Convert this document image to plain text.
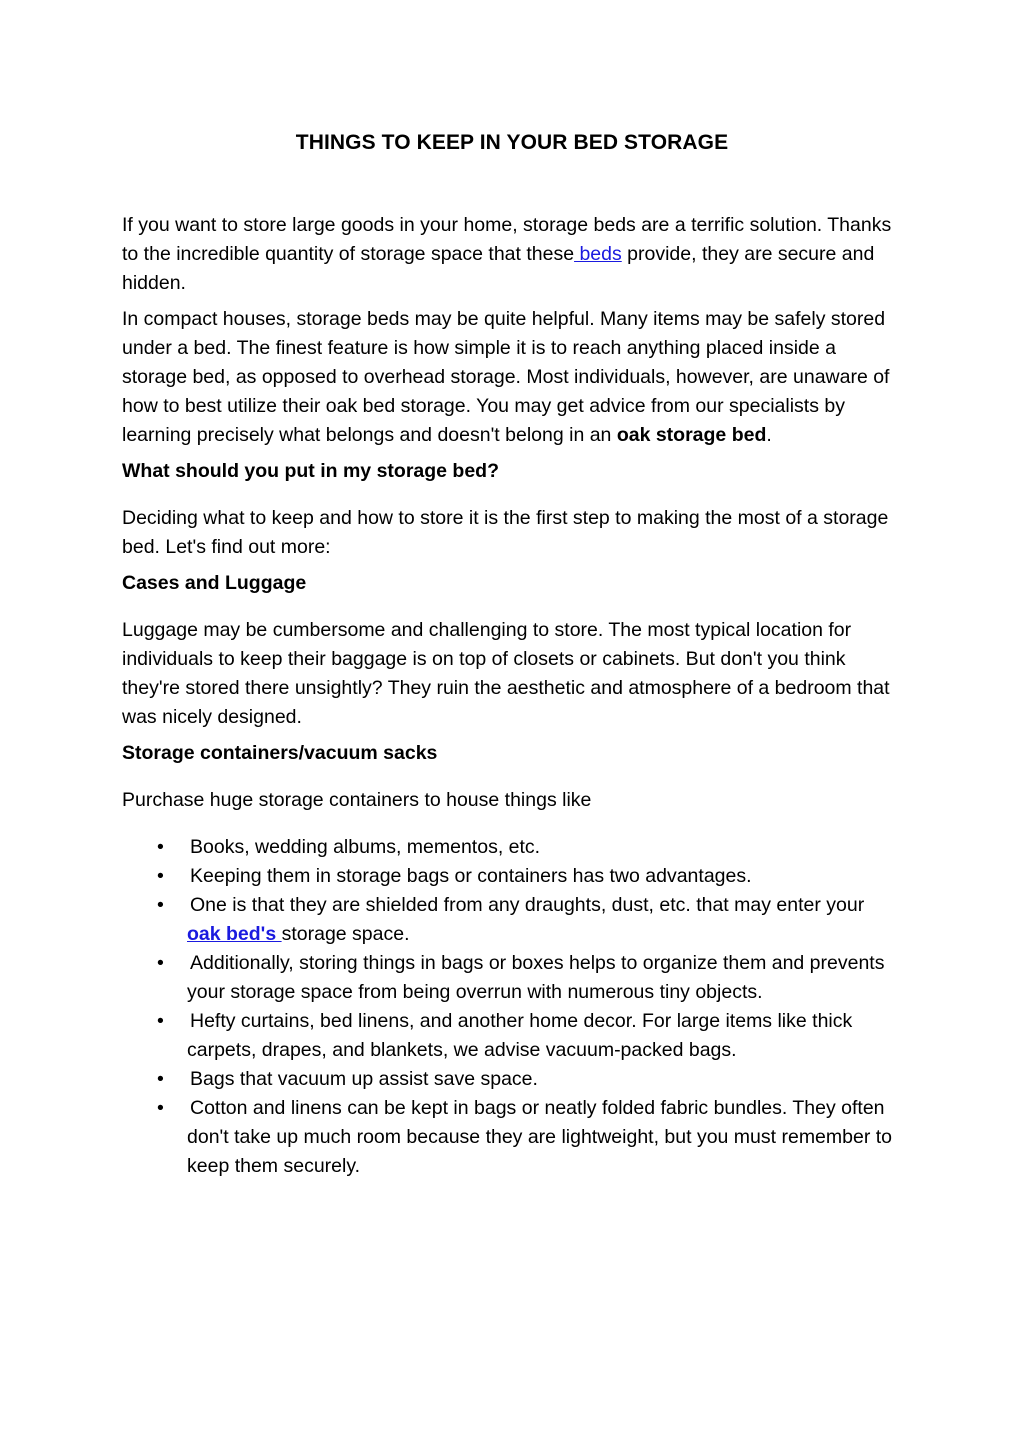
THINGS TO KEEP IN YOUR BED STORAGE

If you want to store large goods in your home, storage beds are a terrific solution. Thanks to the incredible quantity of storage space that these beds provide, they are secure and hidden.

In compact houses, storage beds may be quite helpful. Many items may be safely stored under a bed. The finest feature is how simple it is to reach anything placed inside a storage bed, as opposed to overhead storage. Most individuals, however, are unaware of how to best utilize their oak bed storage. You may get advice from our specialists by learning precisely what belongs and doesn't belong in an oak storage bed.

What should you put in my storage bed?

Deciding what to keep and how to store it is the first step to making the most of a storage bed. Let's find out more:

Cases and Luggage

Luggage may be cumbersome and challenging to store. The most typical location for individuals to keep their baggage is on top of closets or cabinets. But don't you think they're stored there unsightly? They ruin the aesthetic and atmosphere of a bedroom that was nicely designed.

Storage containers/vacuum sacks

Purchase huge storage containers to house things like

• Books, wedding albums, mementos, etc.
• Keeping them in storage bags or containers has two advantages.
• One is that they are shielded from any draughts, dust, etc. that may enter your oak bed's storage space.
• Additionally, storing things in bags or boxes helps to organize them and prevents your storage space from being overrun with numerous tiny objects.
• Hefty curtains, bed linens, and another home decor. For large items like thick carpets, drapes, and blankets, we advise vacuum-packed bags.
• Bags that vacuum up assist save space.
• Cotton and linens can be kept in bags or neatly folded fabric bundles. They often don't take up much room because they are lightweight, but you must remember to keep them securely.
